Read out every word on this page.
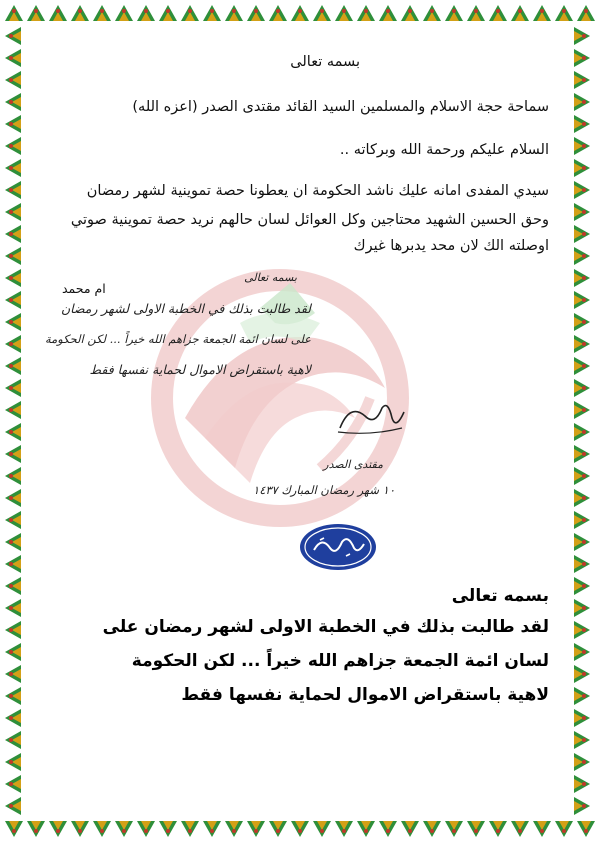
بسمه تعالى
سماحة حجة الاسلام والمسلمين السيد القائد مقتدى الصدر (اعزه الله)
السلام عليكم ورحمة الله وبركاته ..
سيدي المفدى امانه عليك ناشد الحكومة ان يعطونا حصة تموينية لشهر رمضان
وحق الحسين الشهيد محتاجين وكل العوائل لسان حالهم نريد حصة تموينية صوتي
اوصلته الك لان محد يدبرها غيرك
ام محمد
بسمه تعالى
لقد طالبت بذلك في الخطبة الاولى لشهر رمضان
على لسان ائمة الجمعة جزاهم الله خيراً ... لكن الحكومة
لاهية باستقراض الاموال لحماية نفسها فقط
مقتدى الصدر
١٠ شهر رمضان المبارك ١٤٣٧
بسمه تعالى
لقد طالبت بذلك في الخطبة الاولى لشهر رمضان على
لسان ائمة الجمعة جزاهم الله خيراً ... لكن الحكومة
لاهية باستقراض الاموال لحماية نفسها فقط
